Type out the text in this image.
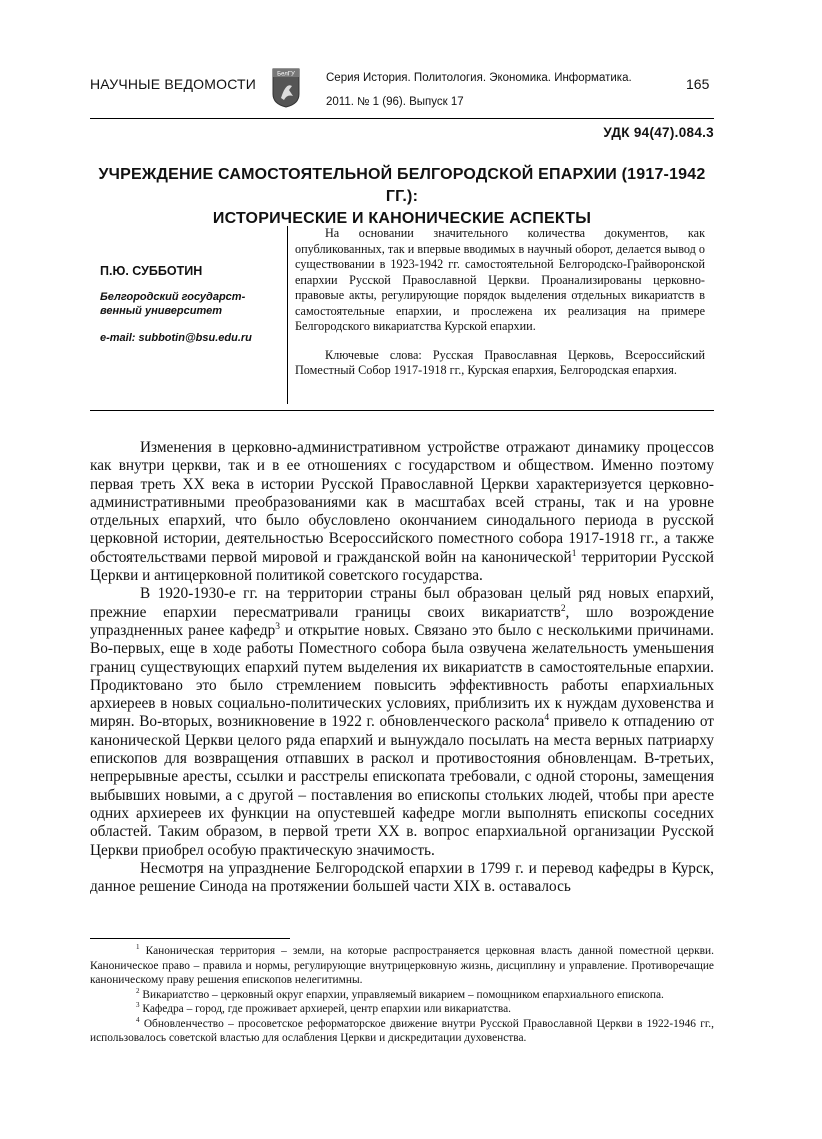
НАУЧНЫЕ ВЕДОМОСТИ
БелГУ	Серия История. Политология. Экономика. Информатика.
2011. № 1 (96). Выпуск 17
165
УДК 94(47).084.3
УЧРЕЖДЕНИЕ САМОСТОЯТЕЛЬНОЙ БЕЛГОРОДСКОЙ ЕПАРХИИ (1917-1942 ГГ.):
ИСТОРИЧЕСКИЕ И КАНОНИЧЕСКИЕ АСПЕКТЫ
П.Ю. СУББОТИН
Белгородский государст-венный университет
e-mail: subbotin@bsu.edu.ru

На основании значительного количества документов, как опубликованных, так и впервые вводимых в научный оборот, делается вывод о существовании в 1923-1942 гг. самостоятельной Белгородско-Грайворонской епархии Русской Православной Церкви. Проанализированы церковно-правовые акты, регулирующие порядок выделения отдельных викариатств в самостоятельные епархии, и прослежена их реализация на примере Белгородского викариатства Курской епархии.

Ключевые слова: Русская Православная Церковь, Всероссийский Поместный Собор 1917-1918 гг., Курская епархия, Белгородская епархия.

Изменения в церковно-административном устройстве отражают динамику процессов как внутри церкви, так и в ее отношениях с государством и обществом. Именно поэтому первая треть XX века в истории Русской Православной Церкви характеризуется церковно-административными преобразованиями как в масштабах всей страны, так и на уровне отдельных епархий, что было обусловлено окончанием синодального периода в русской церковной истории, деятельностью Всероссийского поместного собора 1917-1918 гг., а также обстоятельствами первой мировой и гражданской войн на канонической$^1$ территории Русской Церкви и антицерковной политикой советского государства.

В 1920-1930-е гг. на территории страны был образован целый ряд новых епархий, прежние епархии пересматривали границы своих викариатств$^2$, шло возрождение упраздненных ранее кафедр$^3$ и открытие новых. Связано это было с несколькими причинами. Во-первых, еще в ходе работы Поместного собора была озвучена желательность уменьшения границ существующих епархий путем выделения их викариатств в самостоятельные епархии. Продиктовано это было стремлением повысить эффективность работы епархиальных архиереев в новых социально-политических условиях, приблизить их к нуждам духовенства и мирян. Во-вторых, возникновение в 1922 г. обновленческого раскола$^4$ привело к отпадению от канонической Церкви целого ряда епархий и вынуждало посылать на места верных патриарху епископов для возвращения отпавших в раскол и противостояния обновленцам. В-третьих, непрерывные аресты, ссылки и расстрелы епископата требовали, с одной стороны, замещения выбывших новыми, а с другой – поставления во епископы стольких людей, чтобы при аресте одних архиереев их функции на опустевшей кафедре могли выполнять епископы соседних областей. Таким образом, в первой трети XX в. вопрос епархиальной организации Русской Церкви приобрел особую практическую значимость.

Несмотря на упразднение Белгородской епархии в 1799 г. и перевод кафедры в Курск, данное решение Синода на протяжении большей части XIX в. оставалось

$^1$ Каноническая территория – земли, на которые распространяется церковная власть данной поместной церкви. Каноническое право – правила и нормы, регулирующие внутрицерковную жизнь, дисциплину и управление. Противоречащие каноническому праву решения епископов нелегитимны.

$^2$ Викариатство – церковный округ епархии, управляемый викарием – помощником епархиального епископа.

$^3$ Кафедра – город, где проживает архиерей, центр епархии или викариатства.

$^4$ Обновленчество – просоветское реформаторское движение внутри Русской Православной Церкви в 1922-1946 гг., использовалось советской властью для ослабления Церкви и дискредитации духовенства.
